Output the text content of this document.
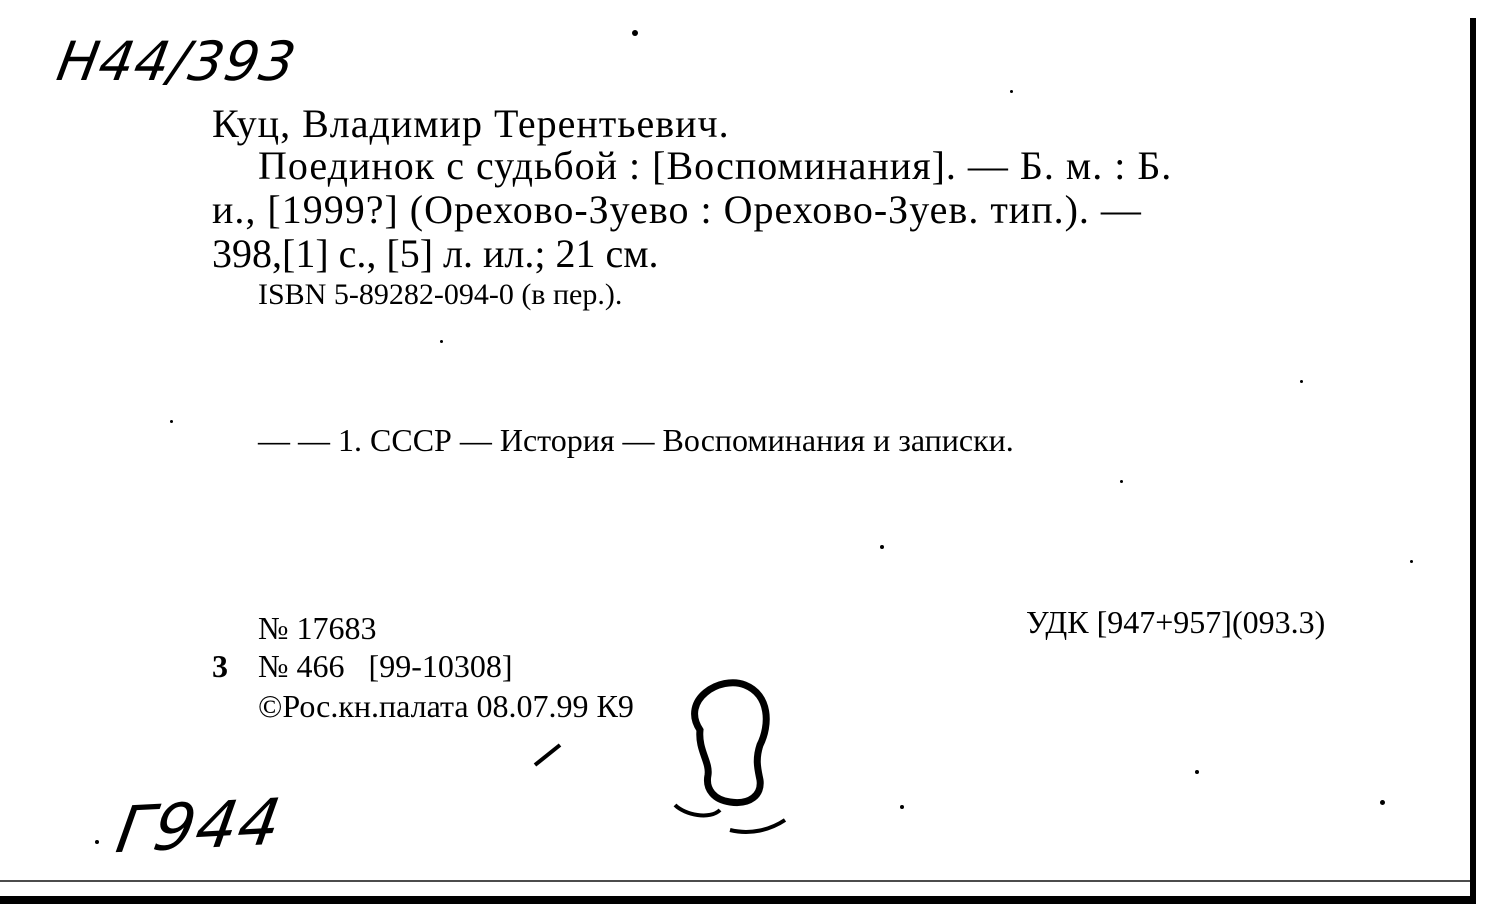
Н44/393
Куц, Владимир Терентьевич.
Поединок с судьбой : [Воспоминания]. — Б. м. : Б.
и., [1999?] (Орехово-Зуево : Орехово-Зуев. тип.). —
398,[1] с., [5] л. ил.; 21 см.
ISBN 5-89282-094-0 (в пер.).
— — 1. СССР — История — Воспоминания и записки.
№ 17683
3 № 466   [99-10308]
©Рос.кн.палата 08.07.99 К9
УДК [947+957](093.3)
Г944
